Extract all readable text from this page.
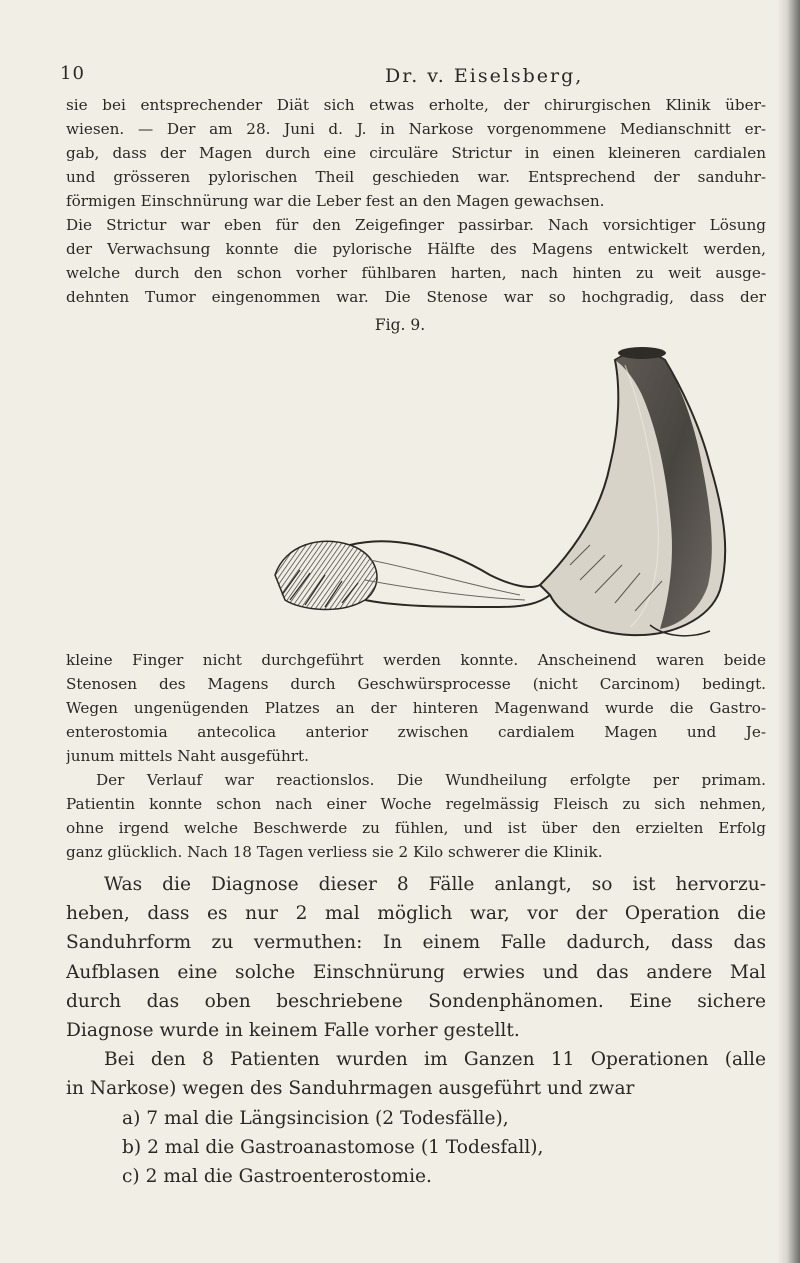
10	Dr. v. Eiselsberg,
sie bei entsprechender Diät sich etwas erholte, der chirurgischen Klinik über-
wiesen. — Der am 28. Juni d. J. in Narkose vorgenommene Medianschnitt er-
gab, dass der Magen durch eine circuläre Strictur in einen kleineren cardialen
und grösseren pylorischen Theil geschieden war. Entsprechend der sanduhr-
förmigen Einschnürung war die Leber fest an den Magen gewachsen.
Die Strictur war eben für den Zeigefinger passirbar. Nach vorsichtiger Lösung
der Verwachsung konnte die pylorische Hälfte des Magens entwickelt werden,
welche durch den schon vorher fühlbaren harten, nach hinten zu weit ausge-
dehnten Tumor eingenommen war. Die Stenose war so hochgradig, dass der
Fig. 9.
kleine Finger nicht durchgeführt werden konnte. Anscheinend waren beide
Stenosen des Magens durch Geschwürsprocesse (nicht Carcinom) bedingt.
Wegen ungenügenden Platzes an der hinteren Magenwand wurde die Gastro-
enterostomia antecolica anterior zwischen cardialem Magen und Je-
junum mittels Naht ausgeführt.
Der Verlauf war reactionslos. Die Wundheilung erfolgte per primam.
Patientin konnte schon nach einer Woche regelmässig Fleisch zu sich nehmen,
ohne irgend welche Beschwerde zu fühlen, und ist über den erzielten Erfolg
ganz glücklich. Nach 18 Tagen verliess sie 2 Kilo schwerer die Klinik.
Was die Diagnose dieser 8 Fälle anlangt, so ist hervorzu-
heben, dass es nur 2 mal möglich war, vor der Operation die
Sanduhrform zu vermuthen: In einem Falle dadurch, dass das
Aufblasen eine solche Einschnürung erwies und das andere Mal
durch das oben beschriebene Sondenphänomen. Eine sichere
Diagnose wurde in keinem Falle vorher gestellt.
Bei den 8 Patienten wurden im Ganzen 11 Operationen (alle
in Narkose) wegen des Sanduhrmagen ausgeführt und zwar
a) 7 mal die Längsincision (2 Todesfälle),
b) 2 mal die Gastroanastomose (1 Todesfall),
c) 2 mal die Gastroenterostomie.
